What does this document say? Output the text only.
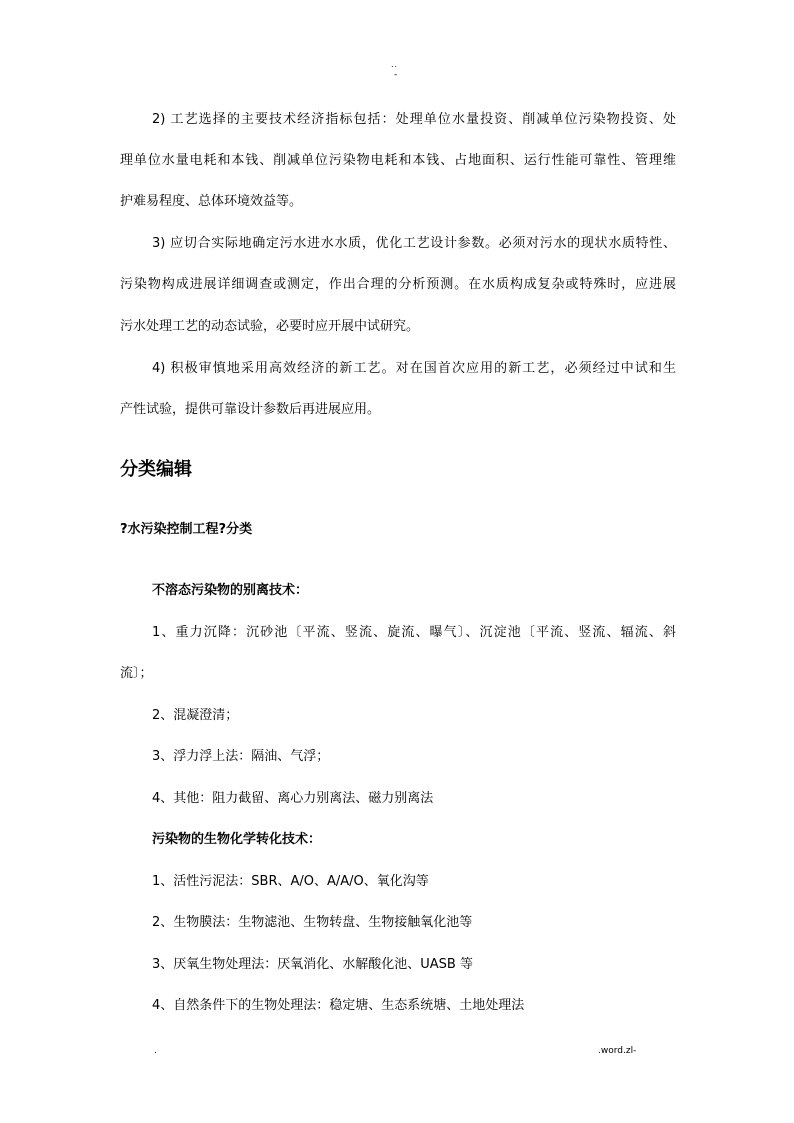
..
-
2) 工艺选择的主要技术经济指标包括：处理单位水量投资、削减单位污染物投资、处
理单位水量电耗和本钱、削减单位污染物电耗和本钱、占地面积、运行性能可靠性、管理维
护难易程度、总体环境效益等。
3) 应切合实际地确定污水进水水质，优化工艺设计参数。必须对污水的现状水质特性、
污染物构成进展详细调查或测定，作出合理的分析预测。在水质构成复杂或特殊时，应进展
污水处理工艺的动态试验，必要时应开展中试研究。
4) 积极审慎地采用高效经济的新工艺。对在国首次应用的新工艺，必须经过中试和生
产性试验，提供可靠设计参数后再进展应用。
分类编辑
?水污染控制工程?分类
不溶态污染物的别离技术：
1、重力沉降：沉砂池〔平流、竖流、旋流、曝气〕、沉淀池〔平流、竖流、辐流、斜
流〕；
2、混凝澄清；
3、浮力浮上法：隔油、气浮；
4、其他：阻力截留、离心力别离法、磁力别离法
污染物的生物化学转化技术：
1、活性污泥法：SBR、A/O、A/A/O、氧化沟等
2、生物膜法：生物滤池、生物转盘、生物接触氧化池等
3、厌氧生物处理法：厌氧消化、水解酸化池、UASB 等
4、自然条件下的生物处理法：稳定塘、生态系统塘、土地处理法
.	.word.zl-
